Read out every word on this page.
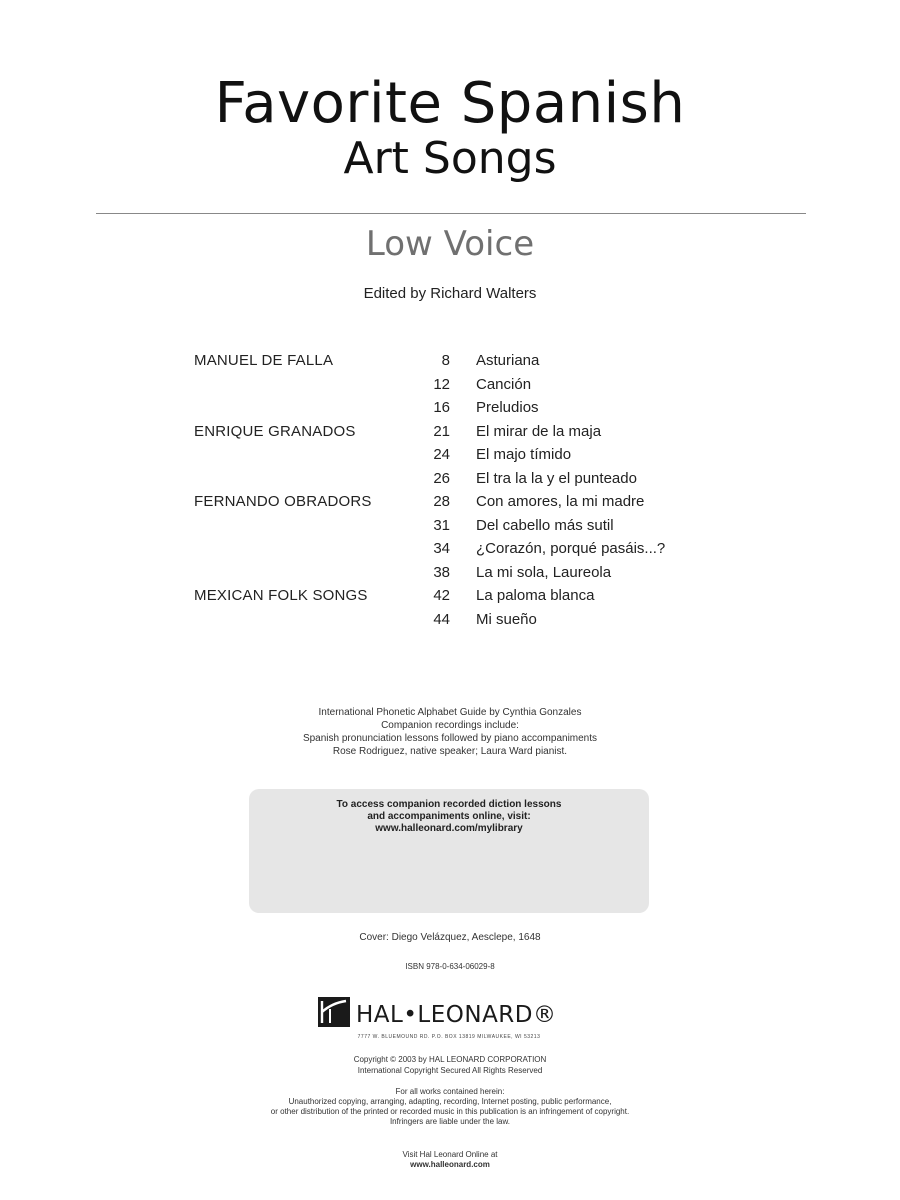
Favorite Spanish
Art Songs
Low Voice
Edited by Richard Walters
MANUEL DE FALLA	8 Asturiana
12 Canción
16 Preludios
ENRIQUE GRANADOS	21 El mirar de la maja
24 El majo tímido
26 El tra la la y el punteado
FERNANDO OBRADORS	28 Con amores, la mi madre
31 Del cabello más sutil
34 ¿Corazón, porqué pasáis...?
38 La mi sola, Laureola
MEXICAN FOLK SONGS	42 La paloma blanca
44 Mi sueño
International Phonetic Alphabet Guide by Cynthia Gonzales
Companion recordings include:
Spanish pronunciation lessons followed by piano accompaniments
Rose Rodriguez, native speaker; Laura Ward pianist.
To access companion recorded diction lessons
and accompaniments online, visit:
www.halleonard.com/mylibrary
Cover: Diego Velázquez, Aesclepe, 1648
ISBN 978-0-634-06029-8
HAL•LEONARD®
7777 W. BLUEMOUND RD. P.O. BOX 13819 MILWAUKEE, WI 53213
Copyright © 2003 by HAL LEONARD CORPORATION
International Copyright Secured All Rights Reserved
For all works contained herein:
Unauthorized copying, arranging, adapting, recording, Internet posting, public performance,
or other distribution of the printed or recorded music in this publication is an infringement of copyright.
Infringers are liable under the law.
Visit Hal Leonard Online at
www.halleonard.com
